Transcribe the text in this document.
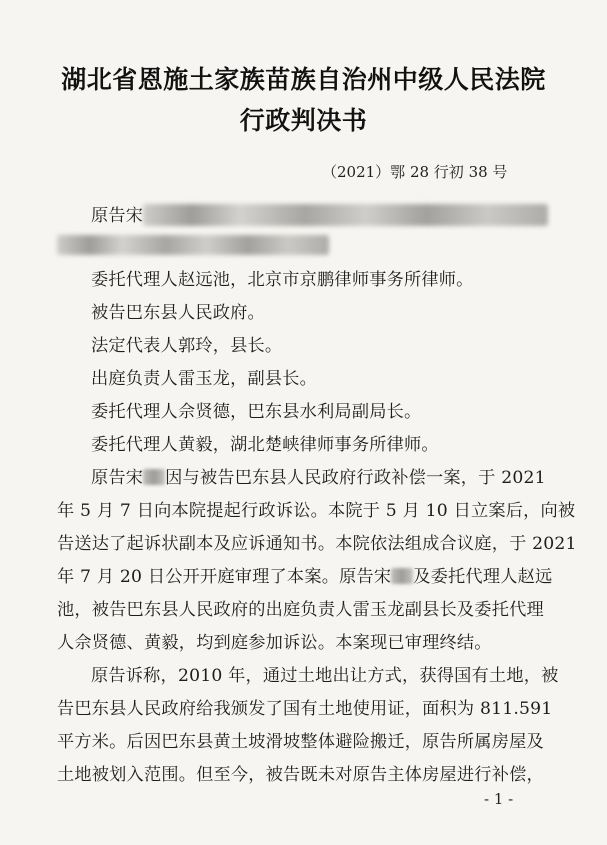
湖北省恩施土家族苗族自治州中级人民法院
行政判决书
（2021）鄂 28 行初 38 号
原告宋
委托代理人赵远池，北京市京鹏律师事务所律师。
被告巴东县人民政府。
法定代表人郭玲，县长。
出庭负责人雷玉龙，副县长。
委托代理人佘贤德，巴东县水利局副局长。
委托代理人黄毅，湖北楚峡律师事务所律师。
原告宋 因与被告巴东县人民政府行政补偿一案，于 2021
年 5 月 7 日向本院提起行政诉讼。本院于 5 月 10 日立案后，向被
告送达了起诉状副本及应诉通知书。本院依法组成合议庭，于 2021
年 7 月 20 日公开开庭审理了本案。原告宋 及委托代理人赵远
池，被告巴东县人民政府的出庭负责人雷玉龙副县长及委托代理
人佘贤德、黄毅，均到庭参加诉讼。本案现已审理终结。
原告诉称，2010 年，通过土地出让方式，获得国有土地，被
告巴东县人民政府给我颁发了国有土地使用证，面积为 811.591
平方米。后因巴东县黄土坡滑坡整体避险搬迁，原告所属房屋及
土地被划入范围。但至今，被告既未对原告主体房屋进行补偿，
- 1 -
